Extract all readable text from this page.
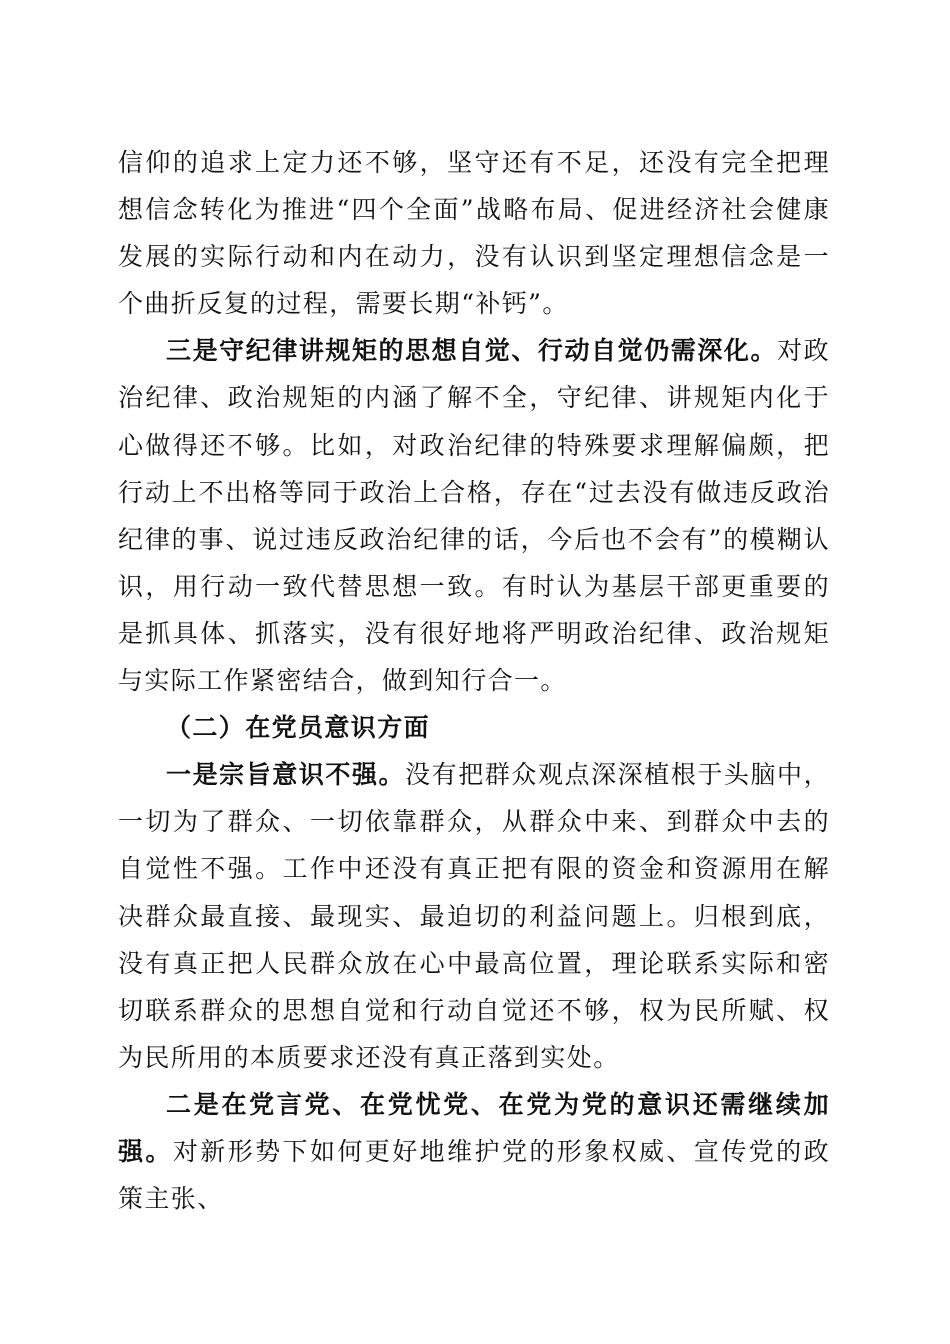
信仰的追求上定力还不够，坚守还有不足，还没有完全把理想信念转化为推进“四个全面”战略布局、促进经济社会健康发展的实际行动和内在动力，没有认识到坚定理想信念是一个曲折反复的过程，需要长期“补钙”。

三是守纪律讲规矩的思想自觉、行动自觉仍需深化。对政治纪律、政治规矩的内涵了解不全，守纪律、讲规矩内化于心做得还不够。比如，对政治纪律的特殊要求理解偏颇，把行动上不出格等同于政治上合格，存在“过去没有做违反政治纪律的事、说过违反政治纪律的话，今后也不会有”的模糊认识，用行动一致代替思想一致。有时认为基层干部更重要的是抓具体、抓落实，没有很好地将严明政治纪律、政治规矩与实际工作紧密结合，做到知行合一。

（二）在党员意识方面

一是宗旨意识不强。没有把群众观点深深植根于头脑中，一切为了群众、一切依靠群众，从群众中来、到群众中去的自觉性不强。工作中还没有真正把有限的资金和资源用在解决群众最直接、最现实、最迫切的利益问题上。归根到底，没有真正把人民群众放在心中最高位置，理论联系实际和密切联系群众的思想自觉和行动自觉还不够，权为民所赋、权为民所用的本质要求还没有真正落到实处。

二是在党言党、在党忧党、在党为党的意识还需继续加强。对新形势下如何更好地维护党的形象权威、宣传党的政策主张、
